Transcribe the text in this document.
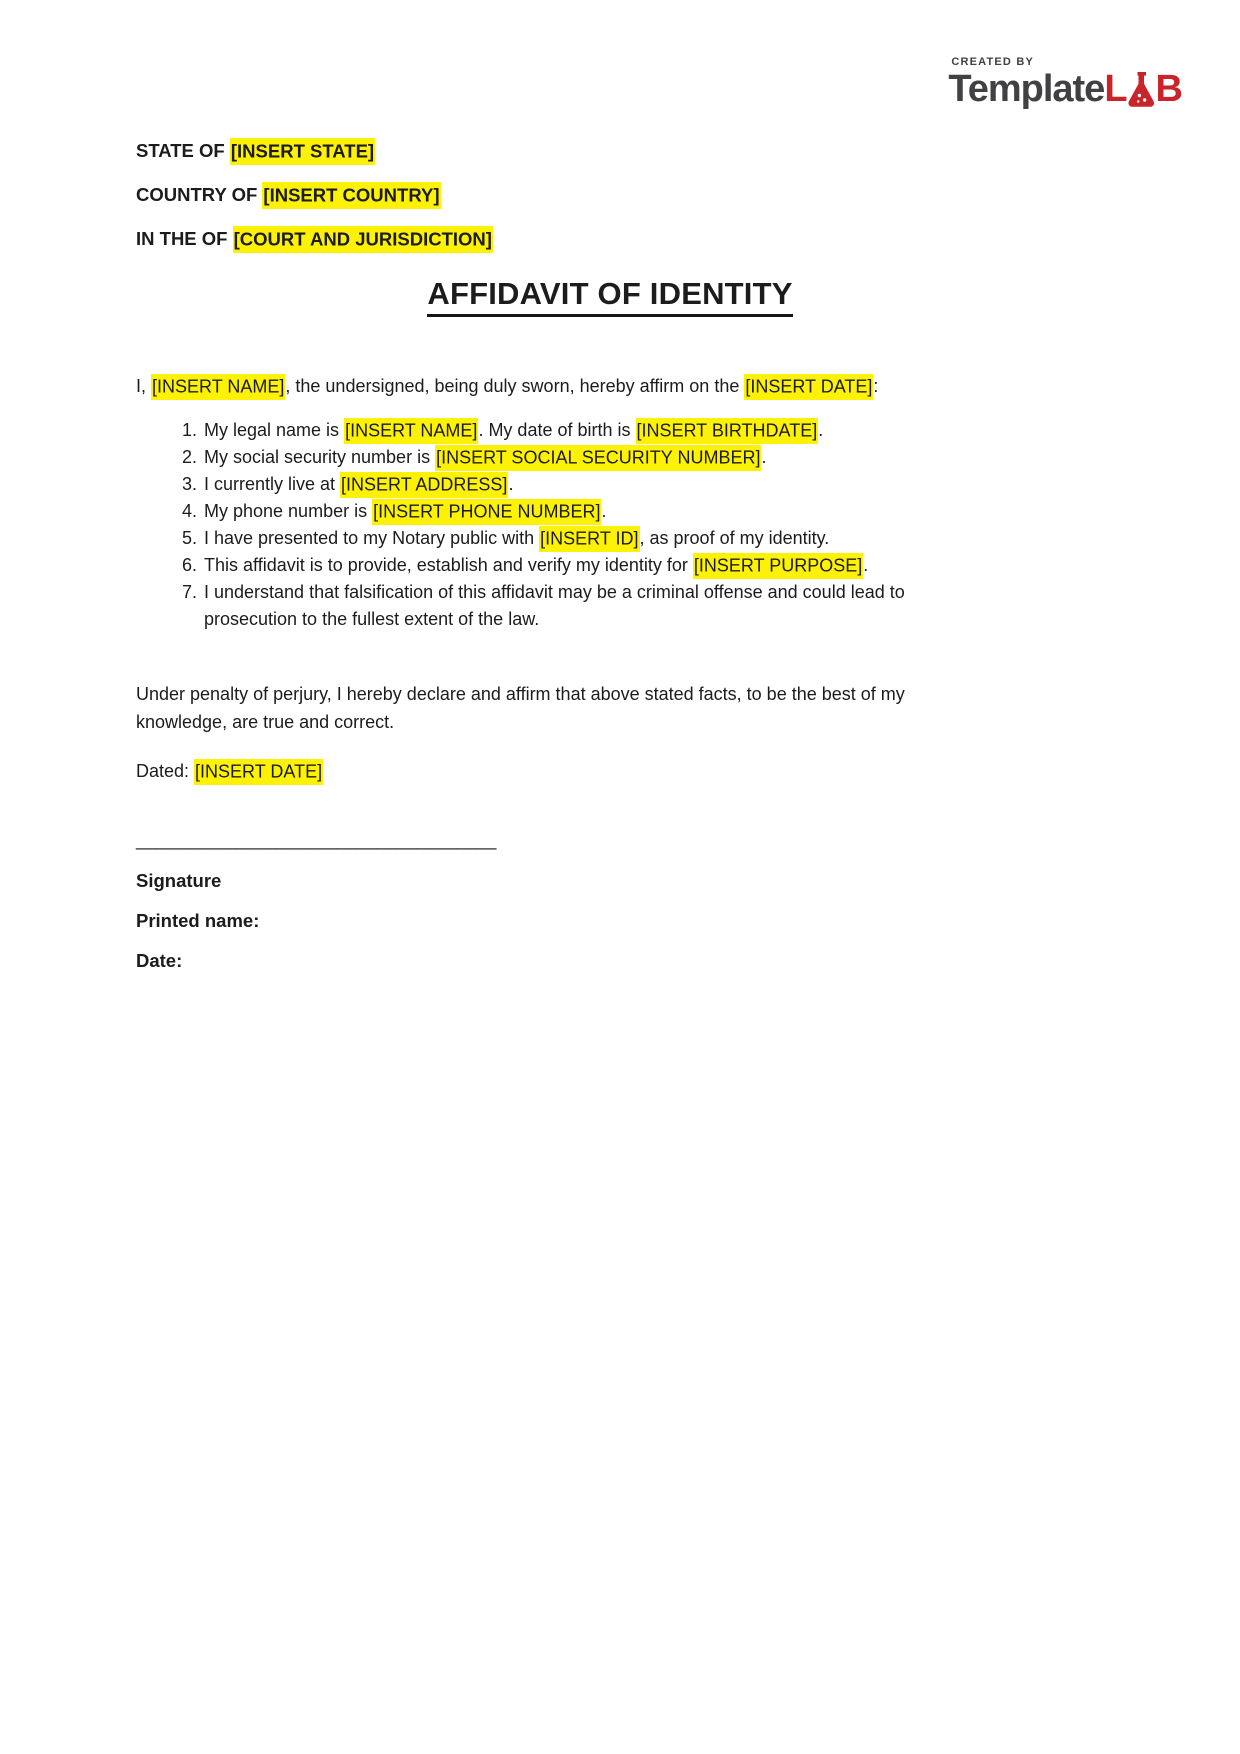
CREATED BY
Template L B

STATE OF [INSERT STATE]

COUNTRY OF [INSERT COUNTRY]

IN THE OF [COURT AND JURISDICTION]

AFFIDAVIT OF IDENTITY

I, [INSERT NAME], the undersigned, being duly sworn, hereby affirm on the [INSERT DATE]:

1. My legal name is [INSERT NAME]. My date of birth is [INSERT BIRTHDATE].
2. My social security number is [INSERT SOCIAL SECURITY NUMBER].
3. I currently live at [INSERT ADDRESS].
4. My phone number is [INSERT PHONE NUMBER].
5. I have presented to my Notary public with [INSERT ID], as proof of my identity.
6. This affidavit is to provide, establish and verify my identity for [INSERT PURPOSE].
7. I understand that falsification of this affidavit may be a criminal offense and could lead to prosecution to the fullest extent of the law.

Under penalty of perjury, I hereby declare and affirm that above stated facts, to be the best of my knowledge, are true and correct.

Dated: [INSERT DATE]

____________________________________

Signature

Printed name:

Date:
